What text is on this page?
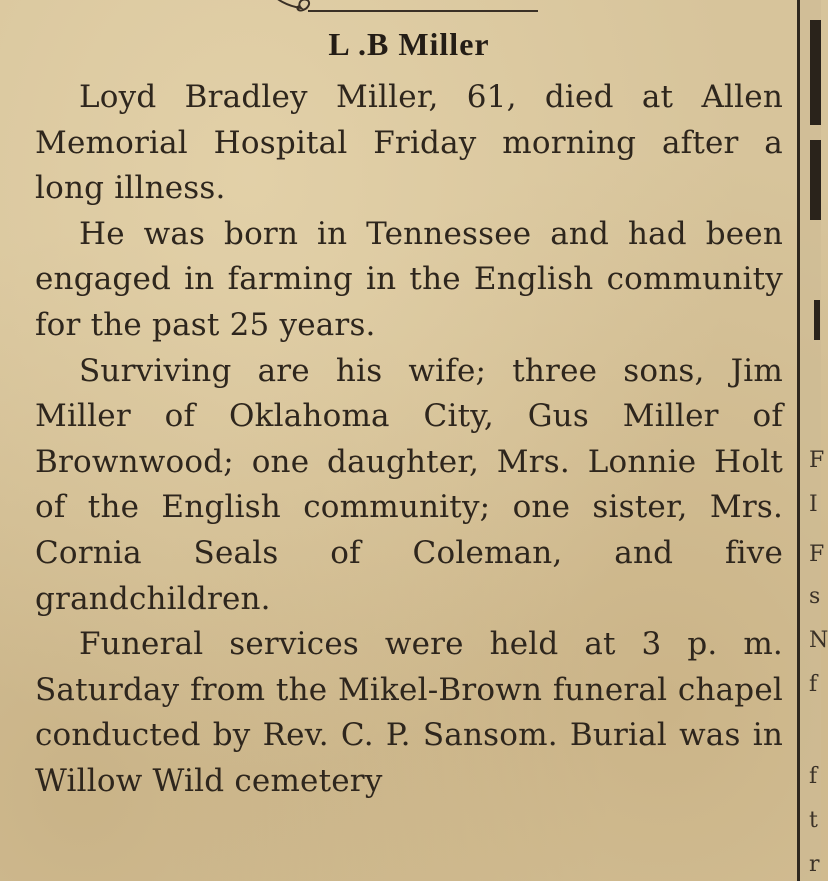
L .B Miller

Loyd Bradley Miller, 61, died at Allen Memorial Hospital Friday morning after a long illness.

He was born in Tennessee and had been engaged in farming in the English community for the past 25 years.

Surviving are his wife; three sons, Jim Miller of Oklahoma City, Gus Miller of Brownwood; one daughter, Mrs. Lonnie Holt of the English community; one sister, Mrs. Cornia Seals of Coleman, and five grandchildren.

Funeral services were held at 3 p. m. Saturday from the Mikel-Brown funeral chapel conducted by Rev. C. P. Sansom. Burial was in Willow Wild cemetery

F
I
F
s
N
f
f
t
r
